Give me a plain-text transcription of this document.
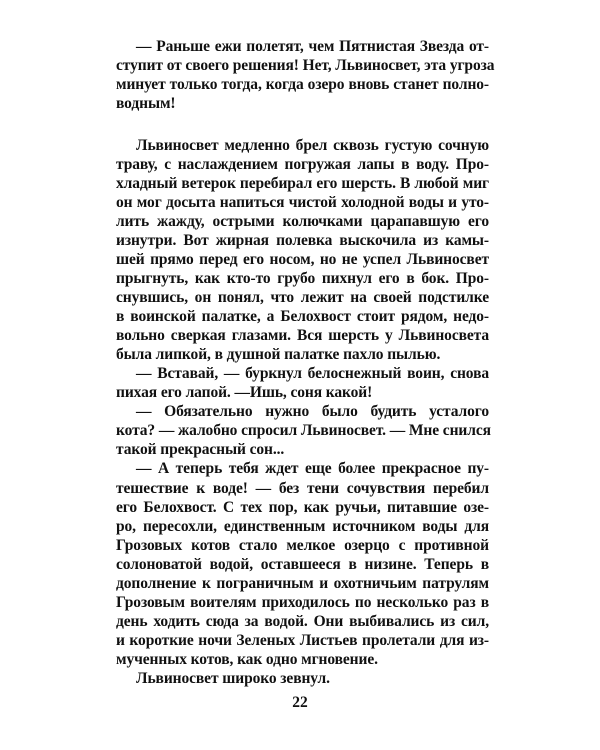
— Раньше ежи полетят, чем Пятнистая Звезда от-

ступит от своего решения! Нет, Львиносвет, эта угроза

минует только тогда, когда озеро вновь станет полно-

водным!

Львиносвет медленно брел сквозь густую сочную

траву, с наслаждением погружая лапы в воду. Про-

хладный ветерок перебирал его шерсть. В любой миг

он мог досыта напиться чистой холодной воды и уто-

лить жажду, острыми колючками царапавшую его

изнутри. Вот жирная полевка выскочила из камы-

шей прямо перед его носом, но не успел Львиносвет

прыгнуть, как кто-то грубо пихнул его в бок. Про-

снувшись, он понял, что лежит на своей подстилке

в воинской палатке, а Белохвост стоит рядом, недо-

вольно сверкая глазами. Вся шерсть у Львиносвета

была липкой, в душной палатке пахло пылью.

— Вставай, — буркнул белоснежный воин, снова

пихая его лапой. —Ишь, соня какой!

— Обязательно нужно было будить усталого

кота? — жалобно спросил Львиносвет. — Мне снился

такой прекрасный сон...

— А теперь тебя ждет еще более прекрасное пу-

тешествие к воде! — без тени сочувствия перебил

его Белохвост. С тех пор, как ручьи, питавшие озе-

ро, пересохли, единственным источником воды для

Грозовых котов стало мелкое озерцо с противной

солоноватой водой, оставшееся в низине. Теперь в

дополнение к пограничным и охотничьим патрулям

Грозовым воителям приходилось по несколько раз в

день ходить сюда за водой. Они выбивались из сил,

и короткие ночи Зеленых Листьев пролетали для из-

мученных котов, как одно мгновение.

Львиносвет широко зевнул.

22
